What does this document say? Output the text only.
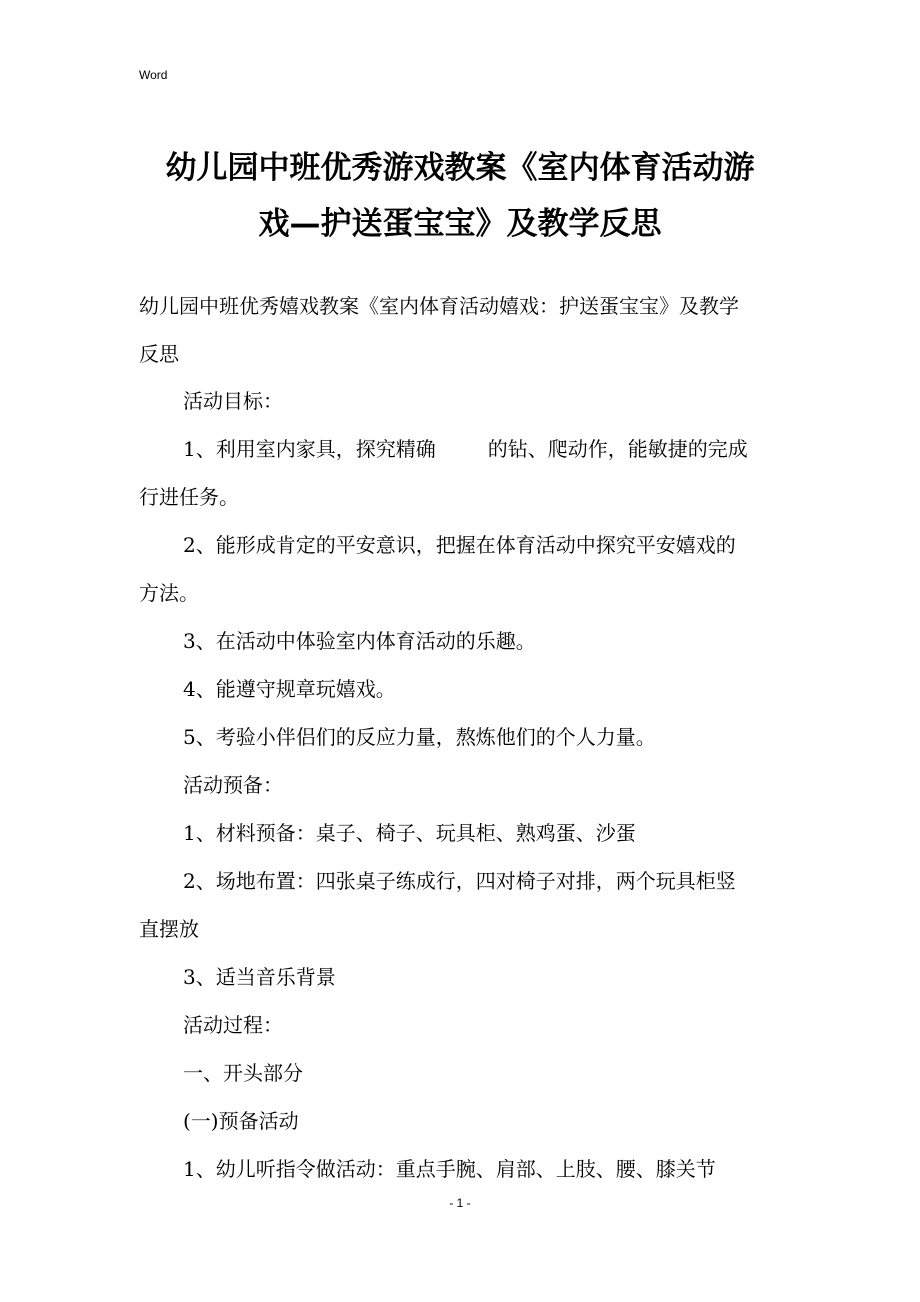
Word
幼儿园中班优秀游戏教案《室内体育活动游
戏—护送蛋宝宝》及教学反思

幼儿园中班优秀嬉戏教案《室内体育活动嬉戏：护送蛋宝宝》及教学

反思

活动目标：

1、利用室内家具，探究精确	的钻、爬动作，能敏捷的完成

行进任务。

2、能形成肯定的平安意识，把握在体育活动中探究平安嬉戏的

方法。

3、在活动中体验室内体育活动的乐趣。

4、能遵守规章玩嬉戏。

5、考验小伴侣们的反应力量，熬炼他们的个人力量。

活动预备：

1、材料预备：桌子、椅子、玩具柜、熟鸡蛋、沙蛋

2、场地布置：四张桌子练成行，四对椅子对排，两个玩具柜竖

直摆放

3、适当音乐背景

活动过程：

一、开头部分

(一)预备活动

1、幼儿听指令做活动：重点手腕、肩部、上肢、腰、膝关节

- 1 -
